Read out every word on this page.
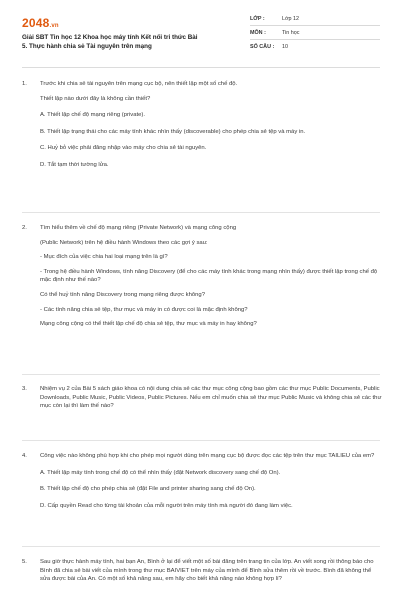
2048.vn
Giải SBT Tin học 12 Khoa học máy tính Kết nối tri thức Bài
5. Thực hành chia sẻ Tài nguyên trên mạng
LỚP :	Lớp 12
MÔN :	Tin học
SỐ CÂU :	10
1.	Trước khi chia sẻ tài nguyên trên mạng cục bộ, nên thiết lập một số chế độ.

Thiết lập nào dưới đây là không cần thiết?

A. Thiết lập chế độ mạng riêng (private).

B. Thiết lập trạng thái cho các máy tính khác nhìn thấy (discoverable) cho phép chia sẻ tệp và máy in.

C. Huỷ bỏ việc phải đăng nhập vào máy cho chia sẻ tài nguyên.

D. Tắt tạm thời tường lửa.

2.	Tìm hiểu thêm về chế độ mạng riêng (Private Network) và mạng công cộng

(Public Network) trên hệ điều hành Windows theo các gợi ý sau:

- Mục đích của việc chia hai loại mạng trên là gì?

- Trong hệ điều hành Windows, tính năng Discovery (để cho các máy tính khác trong mạng nhìn thấy) được thiết lập trong chế độ mặc định như thế nào?

Có thể huỷ tính năng Discovery trong mạng riêng được không?

- Các tính năng chia sẻ tệp, thư mục và máy in có được coi là mặc định không?

Mạng công cộng có thể thiết lập chế độ chia sẻ tệp, thư mục và máy in hay không?

3.	Nhiệm vụ 2 của Bài 5 sách giáo khoa có nội dung chia sẻ các thư mục công cộng bao gồm các thư mục Public Documents, Public Downloads, Public Music, Public Videos, Public Pictures. Nếu em chỉ muốn chia sẻ thư mục Public Music và không chia sẻ các thư mục còn lại thì làm thế nào?

4.	Công việc nào không phù hợp khi cho phép mọi người dùng trên mạng cục bộ được đọc các tệp trên thư mục TAILIEU của em?

A. Thiết lập máy tính trong chế độ có thể nhìn thấy (đặt Network discovery sang chế độ On).

B. Thiết lập chế độ cho phép chia sẻ (đặt File and printer sharing sang chế độ On).

D. Cấp quyền Read cho từng tài khoản của mỗi người trên máy tính mà người đó đang làm việc.

5.	Sau giờ thực hành máy tính, hai bạn An, Bình ở lại để viết một số bài đăng trên trang tin của lớp. An viết xong rồi thông báo cho Bình đã chia sẻ bài viết của mình trong thư mục BAIVIET trên máy của mình để Bình sửa thêm rồi về trước. Bình đã không thể sửa được bài của An. Có một số khả năng sau, em hãy cho biết khả năng nào không hợp lí?
